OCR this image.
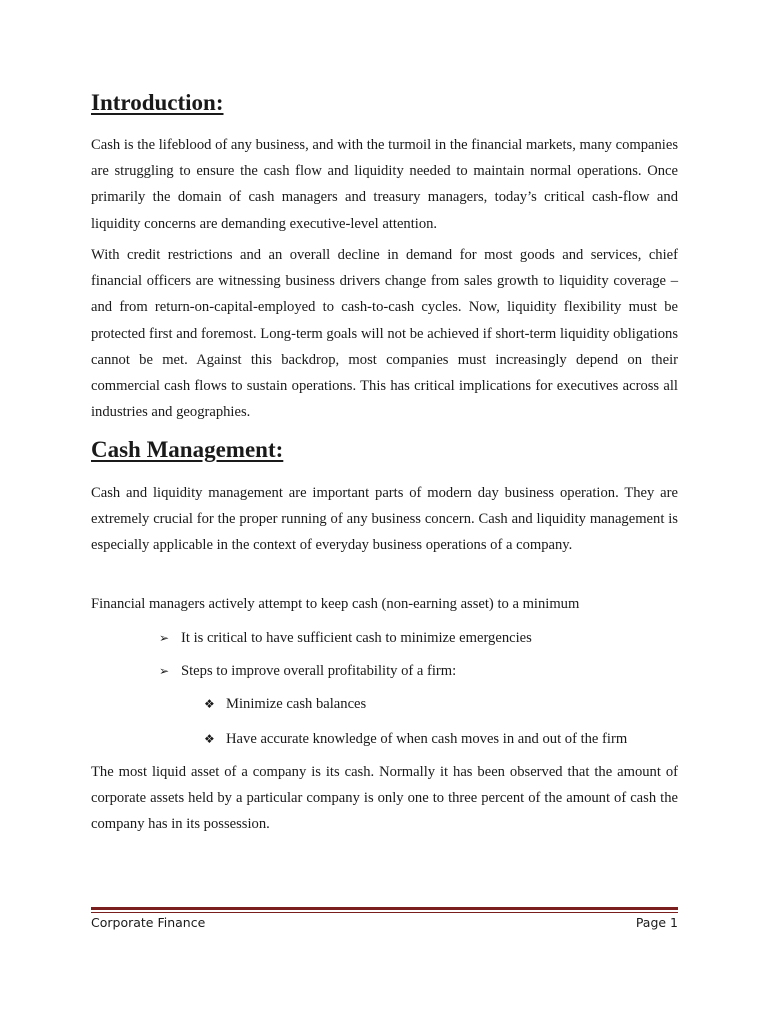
Introduction:

Cash is the lifeblood of any business, and with the turmoil in the financial markets, many companies are struggling to ensure the cash flow and liquidity needed to maintain normal operations. Once primarily the domain of cash managers and treasury managers, today’s critical cash-flow and liquidity concerns are demanding executive-level attention.

With credit restrictions and an overall decline in demand for most goods and services, chief financial officers are witnessing business drivers change from sales growth to liquidity coverage – and from return-on-capital-employed to cash-to-cash cycles. Now, liquidity flexibility must be protected first and foremost. Long-term goals will not be achieved if short-term liquidity obligations cannot be met. Against this backdrop, most companies must increasingly depend on their commercial cash flows to sustain operations. This has critical implications for executives across all industries and geographies.

Cash Management:

Cash and liquidity management are important parts of modern day business operation. They are extremely crucial for the proper running of any business concern. Cash and liquidity management is especially applicable in the context of everyday business operations of a company.

Financial managers actively attempt to keep cash (non-earning asset) to a minimum

➢ It is critical to have sufficient cash to minimize emergencies
➢ Steps to improve overall profitability of a firm:
❖ Minimize cash balances
❖ Have accurate knowledge of when cash moves in and out of the firm

The most liquid asset of a company is its cash. Normally it has been observed that the amount of corporate assets held by a particular company is only one to three percent of the amount of cash the company has in its possession.

Corporate Finance	Page 1
